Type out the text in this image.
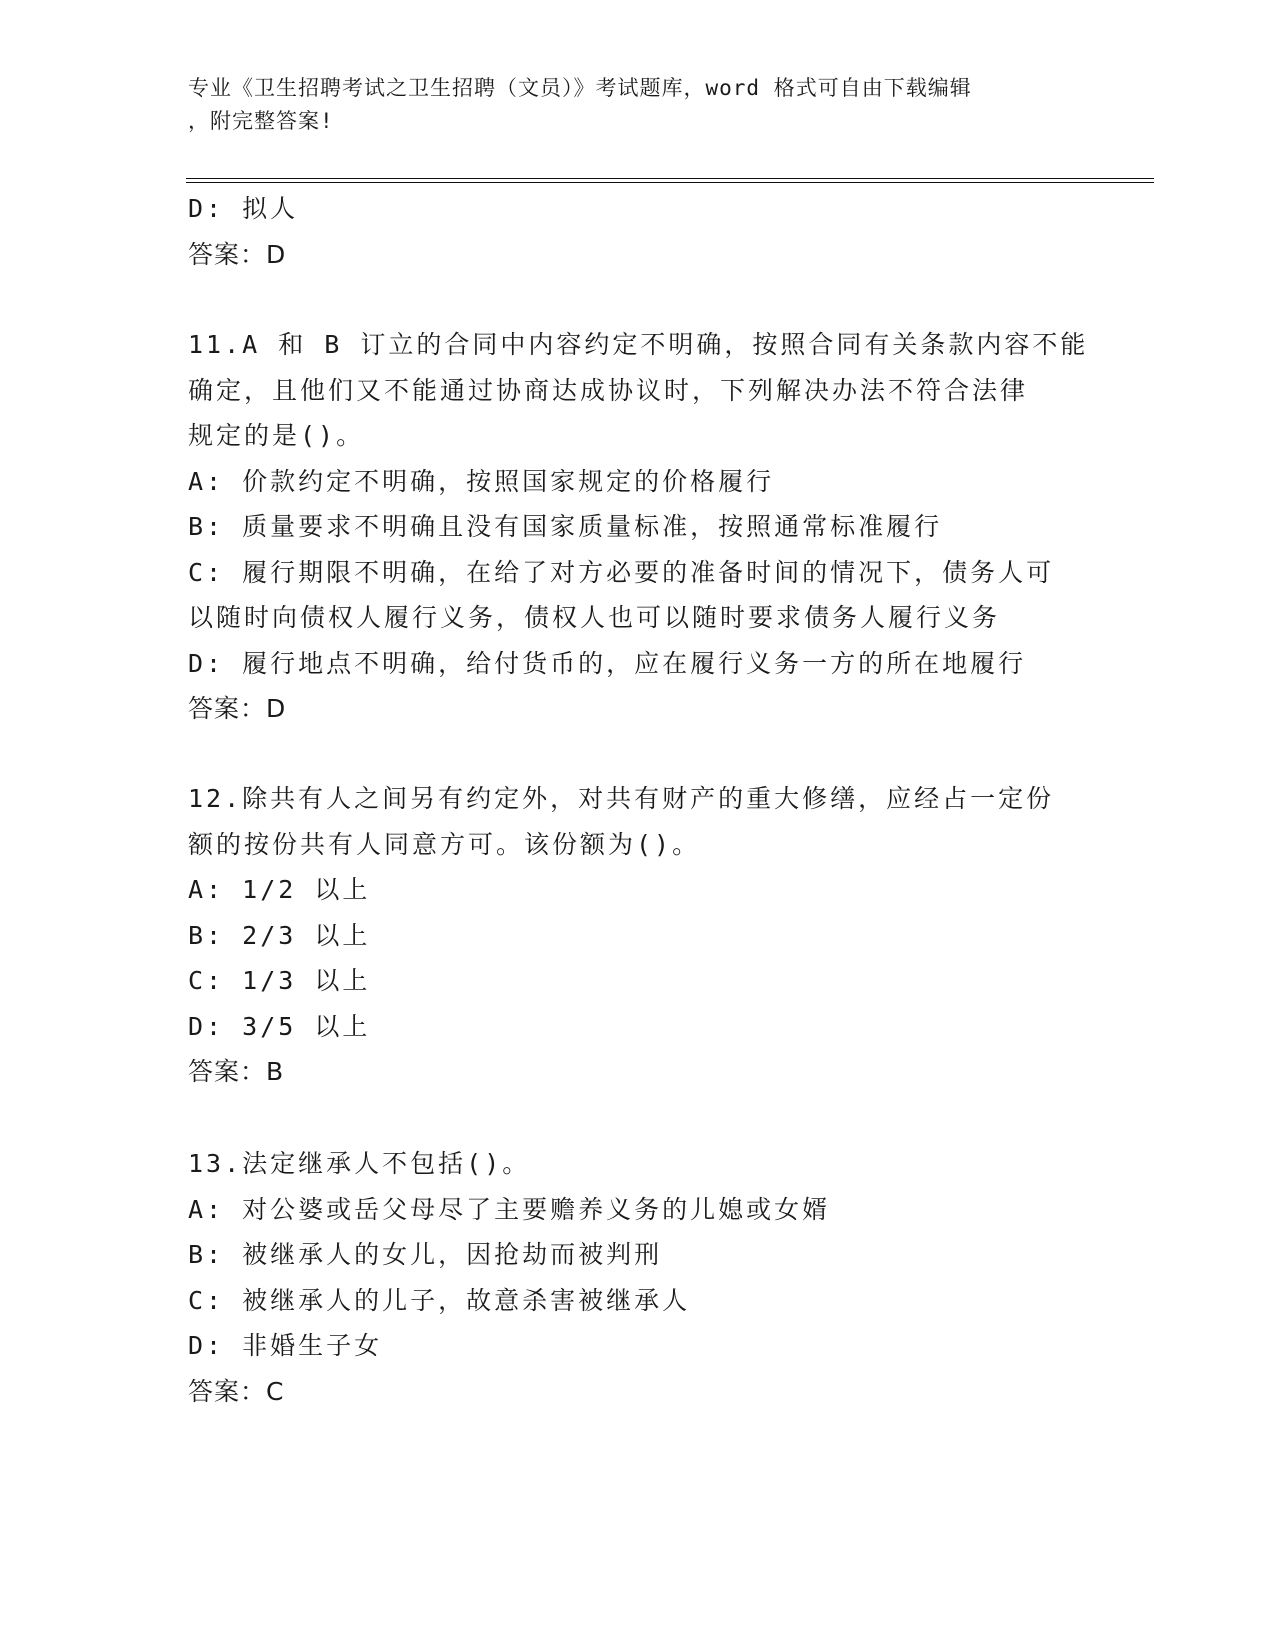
专业《卫生招聘考试之卫生招聘（文员）》考试题库，word 格式可自由下载编辑
，附完整答案!
D: 拟人
答案：D
11.A 和 B 订立的合同中内容约定不明确，按照合同有关条款内容不能
确定，且他们又不能通过协商达成协议时，下列解决办法不符合法律
规定的是()。
A: 价款约定不明确，按照国家规定的价格履行
B: 质量要求不明确且没有国家质量标准，按照通常标准履行
C: 履行期限不明确，在给了对方必要的准备时间的情况下，债务人可
以随时向债权人履行义务，债权人也可以随时要求债务人履行义务
D: 履行地点不明确，给付货币的，应在履行义务一方的所在地履行
答案：D
12.除共有人之间另有约定外，对共有财产的重大修缮，应经占一定份
额的按份共有人同意方可。该份额为()。
A: 1/2 以上
B: 2/3 以上
C: 1/3 以上
D: 3/5 以上
答案：B
13.法定继承人不包括()。
A: 对公婆或岳父母尽了主要赡养义务的儿媳或女婿
B: 被继承人的女儿，因抢劫而被判刑
C: 被继承人的儿子，故意杀害被继承人
D: 非婚生子女
答案：C
